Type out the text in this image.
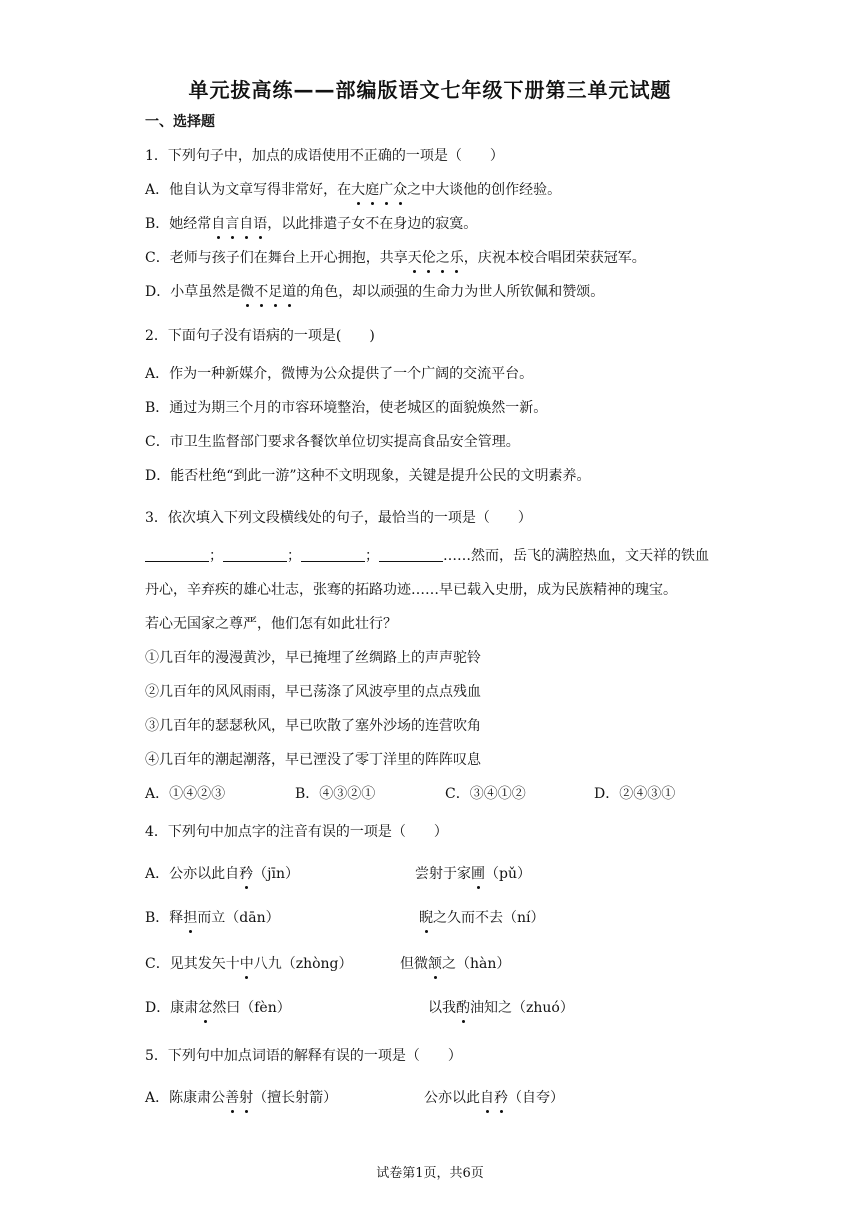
单元拔高练——部编版语文七年级下册第三单元试题
一、选择题
1．下列句子中，加点的成语使用不正确的一项是（　　）
A．他自认为文章写得非常好，在大庭广众之中大谈他的创作经验。
B．她经常自言自语，以此排遣子女不在身边的寂寞。
C．老师与孩子们在舞台上开心拥抱，共享天伦之乐，庆祝本校合唱团荣获冠军。
D．小草虽然是微不足道的角色，却以顽强的生命力为世人所钦佩和赞颂。
2．下面句子没有语病的一项是(　　)
A．作为一种新媒介，微博为公众提供了一个广阔的交流平台。
B．通过为期三个月的市容环境整治，使老城区的面貌焕然一新。
C．市卫生监督部门要求各餐饮单位切实提高食品安全管理。
D．能否杜绝“到此一游”这种不文明现象，关键是提升公民的文明素养。
3．依次填入下列文段横线处的句子，最恰当的一项是（　　）
；	；	；	……然而，岳飞的满腔热血，文天祥的铁血
丹心，辛弃疾的雄心壮志，张骞的拓路功迹……早已载入史册，成为民族精神的瑰宝。
若心无国家之尊严，他们怎有如此壮行？
①几百年的漫漫黄沙，早已掩埋了丝绸路上的声声驼铃
②几百年的风风雨雨，早已荡涤了风波亭里的点点残血
③几百年的瑟瑟秋风，早已吹散了塞外沙场的连营吹角
④几百年的潮起潮落，早已湮没了零丁洋里的阵阵叹息
A．①④②③	B．④③②①	C．③④①②	D．②④③①
4．下列句中加点字的注音有误的一项是（　　）
A．公亦以此自矜（jīn）	尝射于家圃（pǔ）
B．释担而立（dān）	睨之久而不去（ní）
C．见其发矢十中八九（zhòng）	但微颔之（hàn）
D．康肃忿然曰（fèn）	以我酌油知之（zhuó）
5．下列句中加点词语的解释有误的一项是（　　）
A．陈康肃公善射（擅长射箭）	公亦以此自矜（自夸）
试卷第1页，共6页
